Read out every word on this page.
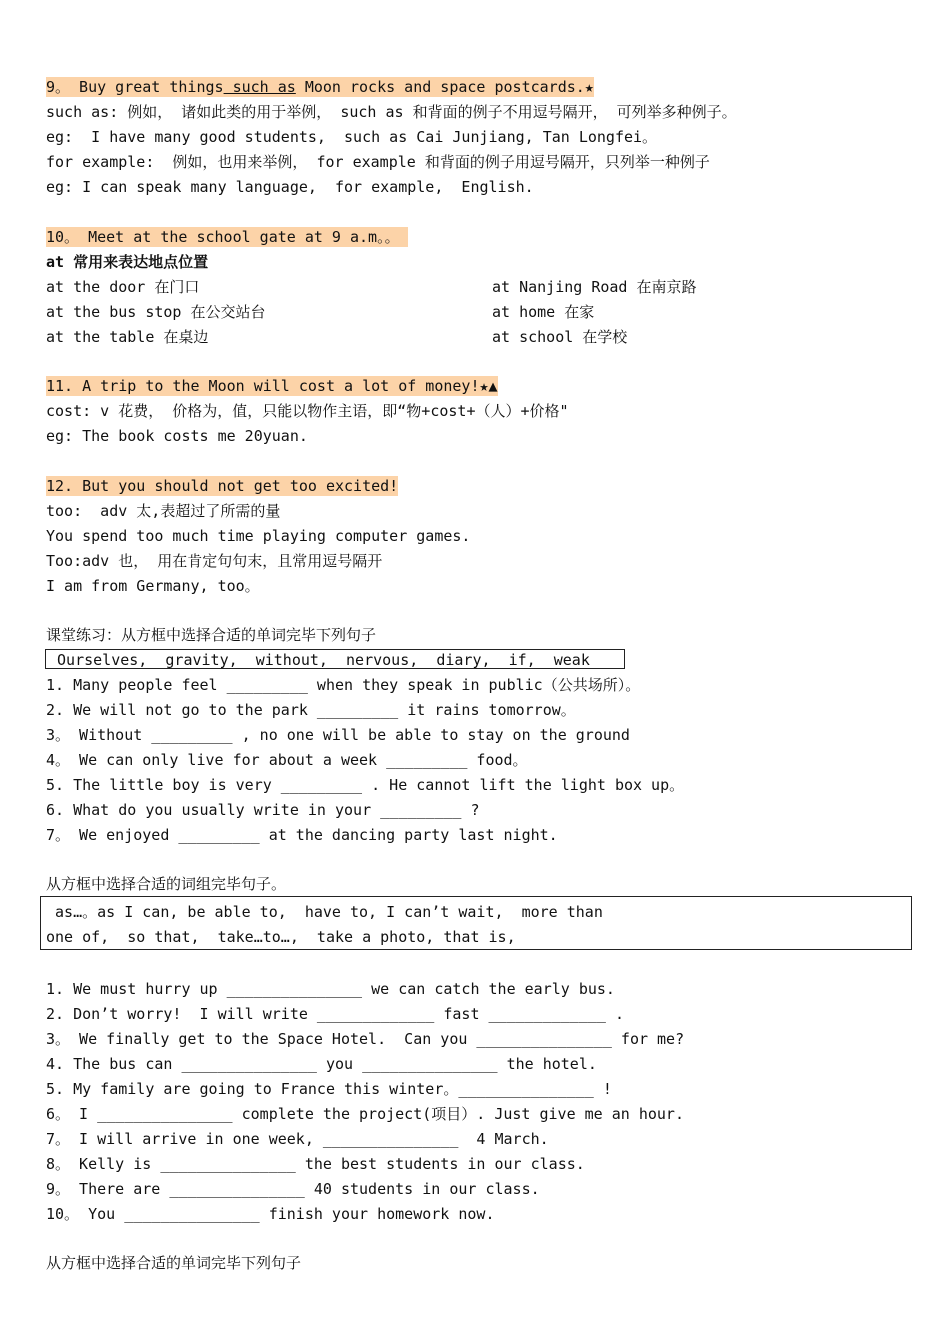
9。 Buy great things such as Moon rocks and space postcards.★
such as: 例如， 诸如此类的用于举例， such as 和背面的例子不用逗号隔开， 可列举多种例子。
eg:  I have many good students,  such as Cai Junjiang, Tan Longfei。
for example:  例如，也用来举例， for example 和背面的例子用逗号隔开，只列举一种例子
eg: I can speak many language,  for example,  English.
10。 Meet at the school gate at 9 a.m。。
at 常用来表达地点位置
at the door 在门口	at Nanjing Road 在南京路
at the bus stop 在公交站台	at home 在家
at the table 在桌边	at school 在学校
11. A trip to the Moon will cost a lot of money!★▲
cost: v 花费， 价格为，值，只能以物作主语，即“物+cost+（人）+价格"
eg: The book costs me 20yuan.
12. But you should not get too excited!
too:  adv 太,表超过了所需的量
You spend too much time playing computer games.
Too:adv 也， 用在肯定句句末，且常用逗号隔开
I am from Germany, too。
课堂练习：从方框中选择合适的单词完毕下列句子
Ourselves,  gravity,  without,  nervous,  diary,  if,  weak
1. Many people feel _________ when they speak in public（公共场所）。
2. We will not go to the park _________ it rains tomorrow。
3。 Without _________ , no one will be able to stay on the ground
4。 We can only live for about a week _________ food。
5. The little boy is very _________ . He cannot lift the light box up。
6. What do you usually write in your _________ ?
7。 We enjoyed _________ at the dancing party last night.
从方框中选择合适的词组完毕句子。
as…。as I can, be able to,  have to, I can’t wait,  more than
one of,  so that,  take…to…,  take a photo, that is,
1. We must hurry up _______________ we can catch the early bus.
2. Don’t worry!  I will write _____________ fast _____________ .
3。 We finally get to the Space Hotel.  Can you _______________ for me?
4. The bus can _______________ you _______________ the hotel.
5. My family are going to France this winter。_______________ !
6。 I _______________ complete the project(项目）. Just give me an hour.
7。 I will arrive in one week, _______________  4 March.
8。 Kelly is _______________ the best students in our class.
9。 There are _______________ 40 students in our class.
10。 You _______________ finish your homework now.
从方框中选择合适的单词完毕下列句子
